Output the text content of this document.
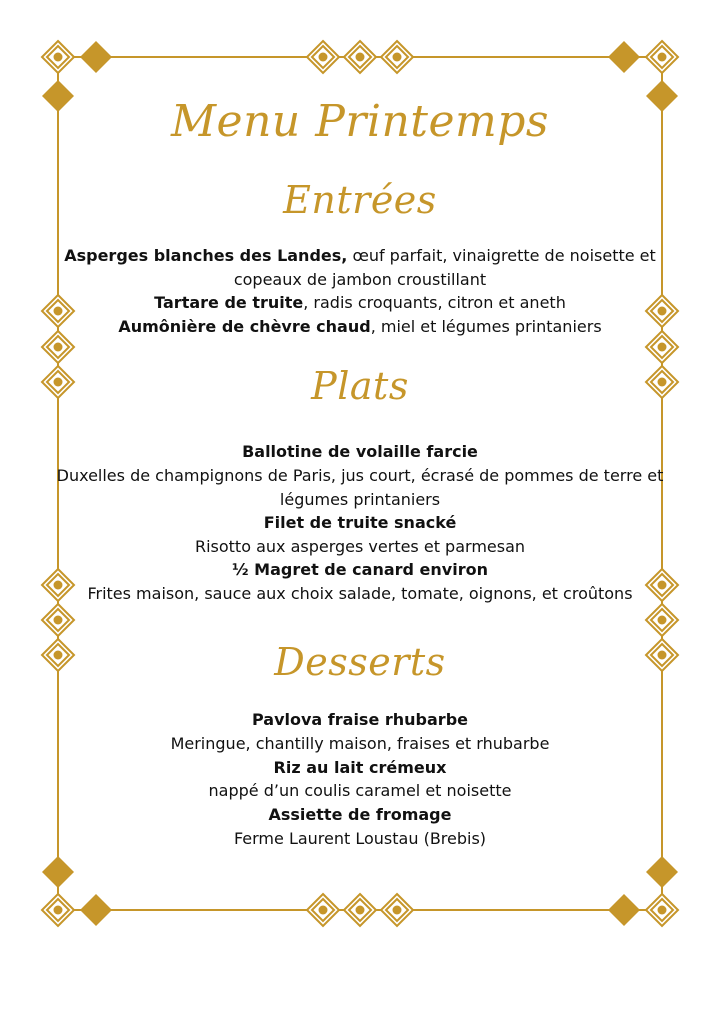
Menu Printemps
Entrées
Asperges blanches des Landes, œuf parfait, vinaigrette de noisette et copeaux de jambon croustillant
Tartare de truite, radis croquants, citron et aneth
Aumônière de chèvre chaud, miel et légumes printaniers
Plats
Ballotine de volaille farcie
Duxelles de champignons de Paris, jus court, écrasé de pommes de terre et légumes printaniers
Filet de truite snacké
Risotto aux asperges vertes et parmesan
½ Magret de canard environ
Frites maison, sauce aux choix salade, tomate, oignons, et croûtons
Desserts
Pavlova fraise rhubarbe
Meringue, chantilly maison, fraises et rhubarbe
Riz au lait crémeux
nappé d’un coulis caramel et noisette
Assiette de fromage
Ferme Laurent Loustau (Brebis)
